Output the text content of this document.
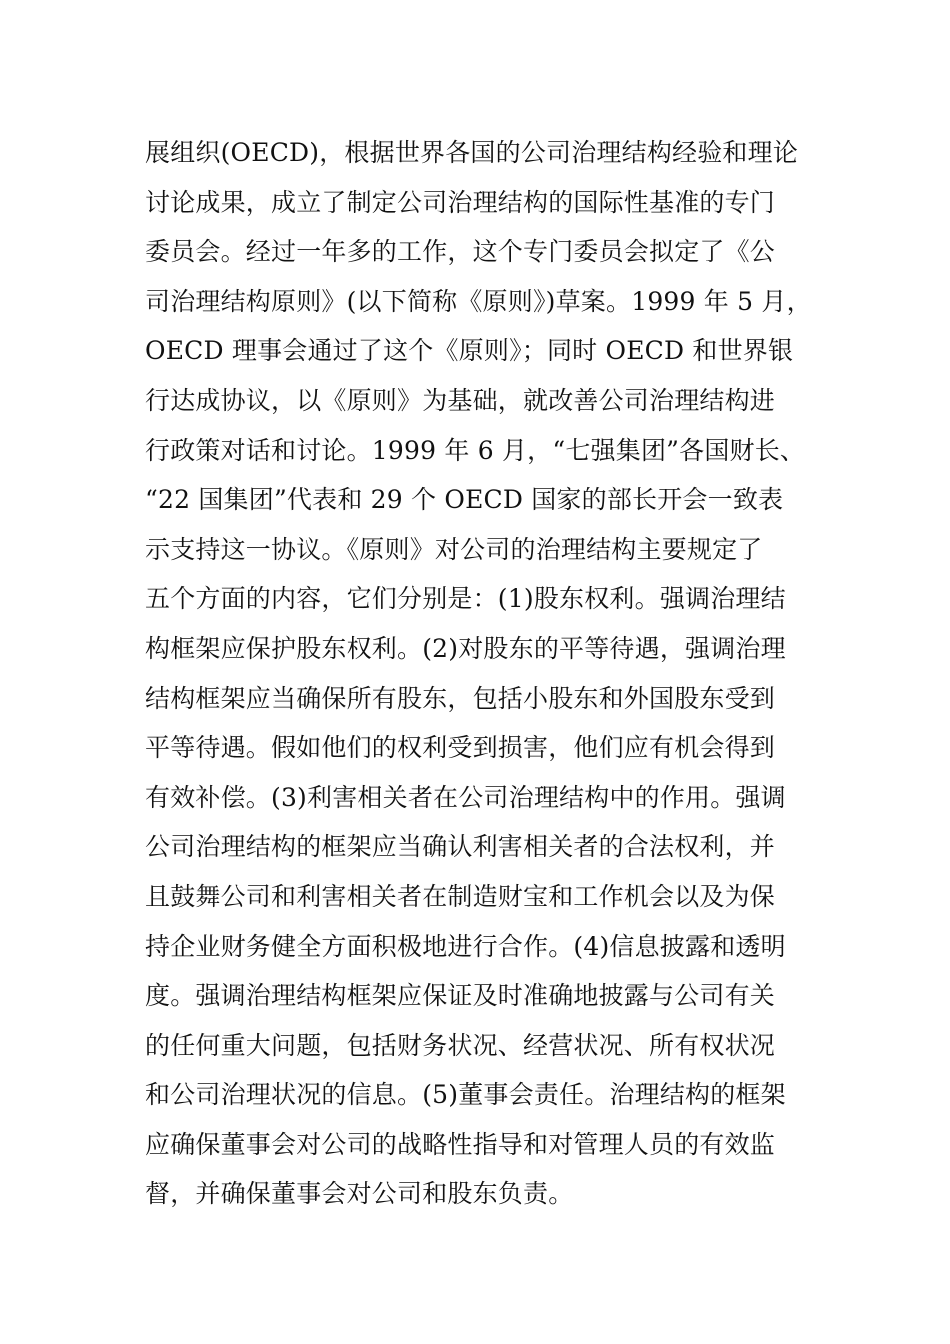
展组织(OECD)，根据世界各国的公司治理结构经验和理论
讨论成果，成立了制定公司治理结构的国际性基准的专门
委员会。经过一年多的工作，这个专门委员会拟定了《公
司治理结构原则》(以下简称《原则》)草案。1999 年 5 月，
OECD 理事会通过了这个《原则》；同时 OECD 和世界银
行达成协议，以《原则》为基础，就改善公司治理结构进
行政策对话和讨论。1999 年 6 月，“七强集团”各国财长、
“22 国集团”代表和 29 个 OECD 国家的部长开会一致表
示支持这一协议。《原则》对公司的治理结构主要规定了
五个方面的内容，它们分别是：(1)股东权利。强调治理结
构框架应保护股东权利。(2)对股东的平等待遇，强调治理
结构框架应当确保所有股东，包括小股东和外国股东受到
平等待遇。假如他们的权利受到损害，他们应有机会得到
有效补偿。(3)利害相关者在公司治理结构中的作用。强调
公司治理结构的框架应当确认利害相关者的合法权利，并
且鼓舞公司和利害相关者在制造财宝和工作机会以及为保
持企业财务健全方面积极地进行合作。(4)信息披露和透明
度。强调治理结构框架应保证及时准确地披露与公司有关
的任何重大问题，包括财务状况、经营状况、所有权状况
和公司治理状况的信息。(5)董事会责任。治理结构的框架
应确保董事会对公司的战略性指导和对管理人员的有效监
督，并确保董事会对公司和股东负责。
